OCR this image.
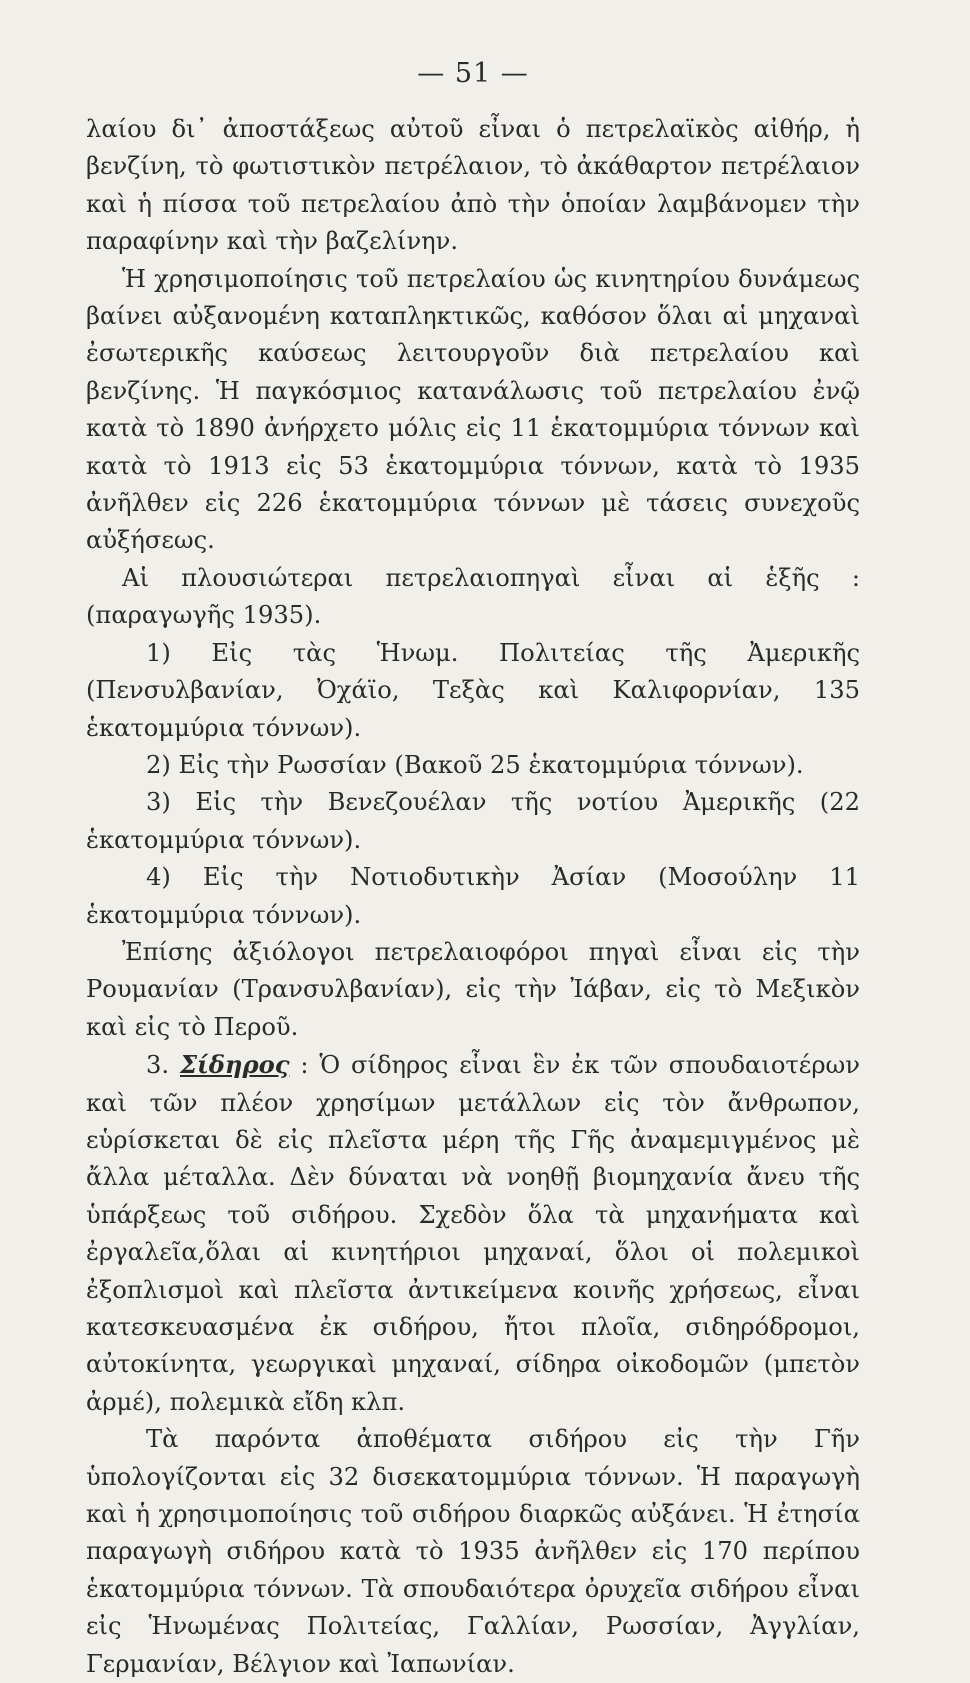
— 51 —

λαίου δι᾽ ἀποστάξεως αὐτοῦ εἶναι ὁ πετρελαϊκὸς αἰθήρ, ἡ βενζίνη, τὸ φωτιστικὸν πετρέλαιον, τὸ ἀκάθαρτον πετρέλαιον καὶ ἡ πίσσα τοῦ πετρελαίου ἀπὸ τὴν ὁποίαν λαμβάνομεν τὴν παραφίνην καὶ τὴν βαζελίνην.

Ἡ χρησιμοποίησις τοῦ πετρελαίου ὡς κινητηρίου δυνάμεως βαίνει αὐξανομένη καταπληκτικῶς, καθόσον ὅλαι αἱ μηχαναὶ ἐσωτερικῆς καύσεως λειτουργοῦν διὰ πετρελαίου καὶ βενζίνης. Ἡ παγκόσμιος κατανάλωσις τοῦ πετρελαίου ἐνῷ κατὰ τὸ 1890 ἀνήρχετο μόλις εἰς 11 ἑκατομμύρια τόννων καὶ κατὰ τὸ 1913 εἰς 53 ἑκατομμύρια τόννων, κατὰ τὸ 1935 ἀνῆλθεν εἰς 226 ἑκατομμύρια τόννων μὲ τάσεις συνεχοῦς αὐξήσεως.

Αἱ πλουσιώτεραι πετρελαιοπηγαὶ εἶναι αἱ ἑξῆς : (παραγωγῆς 1935).

1) Εἰς τὰς Ἡνωμ. Πολιτείας τῆς Ἀμερικῆς (Πενσυλβανίαν, Ὀχάϊο, Τεξὰς καὶ Καλιφορνίαν, 135 ἑκατομμύρια τόννων).

2) Εἰς τὴν Ρωσσίαν (Βακοῦ 25 ἑκατομμύρια τόννων).

3) Εἰς τὴν Βενεζουέλαν τῆς νοτίου Ἀμερικῆς (22 ἑκατομμύρια τόννων).

4) Εἰς τὴν Νοτιοδυτικὴν Ἀσίαν (Μοσούλην 11 ἑκατομμύρια τόννων).

Ἐπίσης ἀξιόλογοι πετρελαιοφόροι πηγαὶ εἶναι εἰς τὴν Ρουμανίαν (Τρανσυλβανίαν), εἰς τὴν Ἰάβαν, εἰς τὸ Μεξικὸν καὶ εἰς τὸ Περοῦ.

3. Σίδηρος : Ὁ σίδηρος εἶναι ἓν ἐκ τῶν σπουδαιοτέρων καὶ τῶν πλέον χρησίμων μετάλλων εἰς τὸν ἄνθρωπον, εὑρίσκεται δὲ εἰς πλεῖστα μέρη τῆς Γῆς ἀναμεμιγμένος μὲ ἄλλα μέταλλα. Δὲν δύναται νὰ νοηθῇ βιομηχανία ἄνευ τῆς ὑπάρξεως τοῦ σιδήρου. Σχεδὸν ὅλα τὰ μηχανήματα καὶ ἐργαλεῖα,ὅλαι αἱ κινητήριοι μηχαναί, ὅλοι οἱ πολεμικοὶ ἐξοπλισμοὶ καὶ πλεῖστα ἀντικείμενα κοινῆς χρήσεως, εἶναι κατεσκευασμένα ἐκ σιδήρου, ἤτοι πλοῖα, σιδηρόδρομοι, αὐτοκίνητα, γεωργικαὶ μηχαναί, σίδηρα οἰκοδομῶν (μπετὸν ἀρμέ), πολεμικὰ εἴδη κλπ.

Τὰ παρόντα ἀποθέματα σιδήρου εἰς τὴν Γῆν ὑπολογίζονται εἰς 32 δισεκατομμύρια τόννων. Ἡ παραγωγὴ καὶ ἡ χρησιμοποίησις τοῦ σιδήρου διαρκῶς αὐξάνει. Ἡ ἐτησία παραγωγὴ σιδήρου κατὰ τὸ 1935 ἀνῆλθεν εἰς 170 περίπου ἑκατομμύρια τόννων. Τὰ σπουδαιότερα ὀρυχεῖα σιδήρου εἶναι εἰς Ἡνωμένας Πολιτείας, Γαλλίαν, Ρωσσίαν, Ἀγγλίαν, Γερμανίαν, Βέλγιον καὶ Ἰαπωνίαν.
